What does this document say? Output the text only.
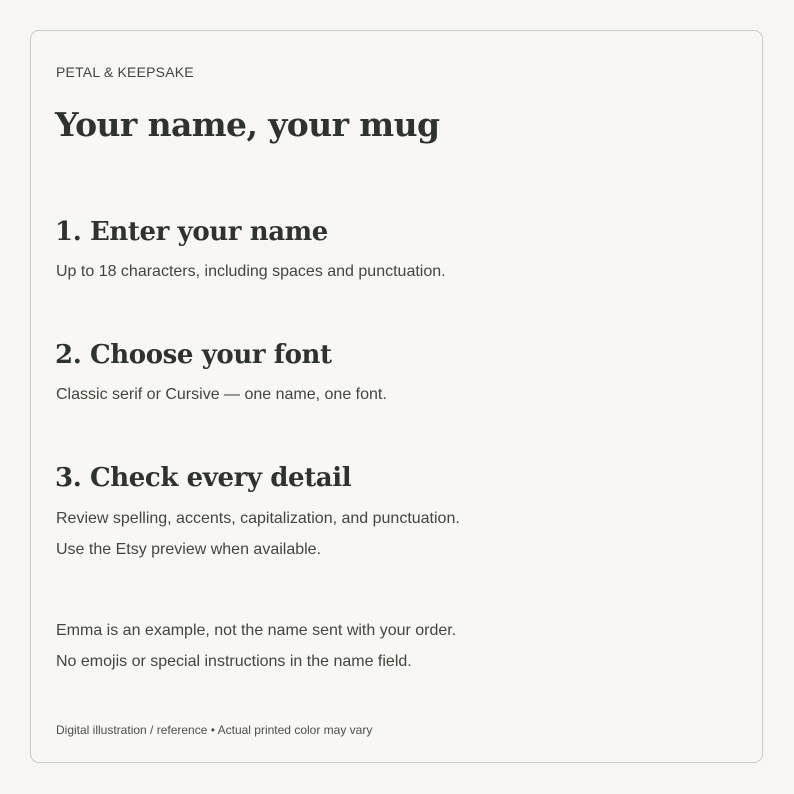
PETAL & KEEPSAKE
Your name, your mug
1. Enter your name

Up to 18 characters, including spaces and punctuation.

2. Choose your font

Classic serif or Cursive — one name, one font.

3. Check every detail

Review spelling, accents, capitalization, and punctuation.

Use the Etsy preview when available.

Emma is an example, not the name sent with your order.

No emojis or special instructions in the name field.

Digital illustration / reference • Actual printed color may vary
